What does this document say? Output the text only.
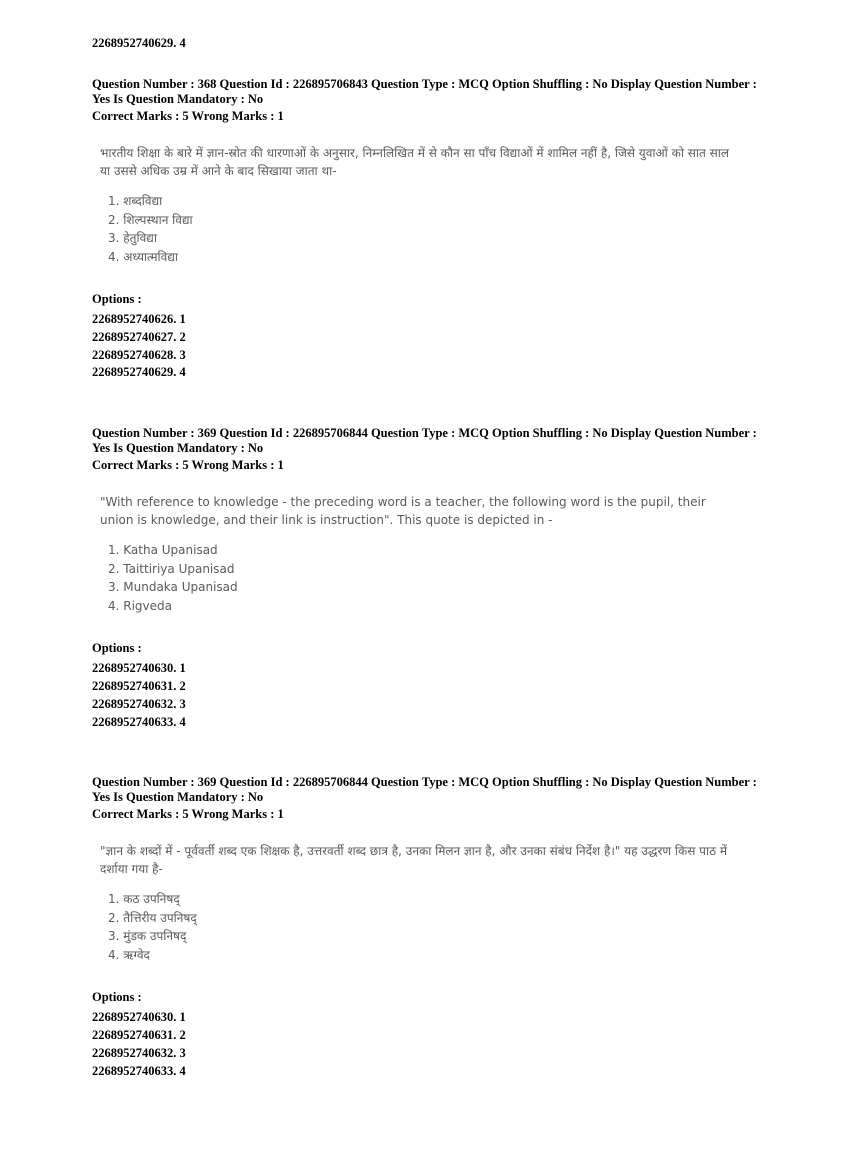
2268952740629. 4

Question Number : 368 Question Id : 226895706843 Question Type : MCQ Option Shuffling : No Display Question Number : Yes Is Question Mandatory : No

Correct Marks : 5 Wrong Marks : 1

भारतीय शिक्षा के बारे में ज्ञान-स्रोत की धारणाओं के अनुसार, निम्नलिखित में से कौन सा पाँच विद्याओं में शामिल नहीं है, जिसे युवाओं को सात साल या उससे अधिक उम्र में आने के बाद सिखाया जाता था-
1. शब्दविद्या
2. शिल्पस्थान विद्या
3. हेतुविद्या
4. अध्यात्मविद्या
Options :
2268952740626. 1
2268952740627. 2
2268952740628. 3
2268952740629. 4

Question Number : 369 Question Id : 226895706844 Question Type : MCQ Option Shuffling : No Display Question Number : Yes Is Question Mandatory : No

Correct Marks : 5 Wrong Marks : 1

"With reference to knowledge - the preceding word is a teacher, the following word is the pupil, their union is knowledge, and their link is instruction". This quote is depicted in -
1. Katha Upanisad
2. Taittiriya Upanisad
3. Mundaka Upanisad
4. Rigveda
Options :
2268952740630. 1
2268952740631. 2
2268952740632. 3
2268952740633. 4

Question Number : 369 Question Id : 226895706844 Question Type : MCQ Option Shuffling : No Display Question Number : Yes Is Question Mandatory : No

Correct Marks : 5 Wrong Marks : 1

"ज्ञान के शब्दों में - पूर्ववर्ती शब्द एक शिक्षक है, उत्तरवर्ती शब्द छात्र है, उनका मिलन ज्ञान है, और उनका संबंध निर्देश है।" यह उद्धरण किस पाठ में दर्शाया गया है-
1. कठ उपनिषद्
2. तैत्तिरीय उपनिषद्
3. मुंडक उपनिषद्
4. ऋग्वेद
Options :
2268952740630. 1
2268952740631. 2
2268952740632. 3
2268952740633. 4
